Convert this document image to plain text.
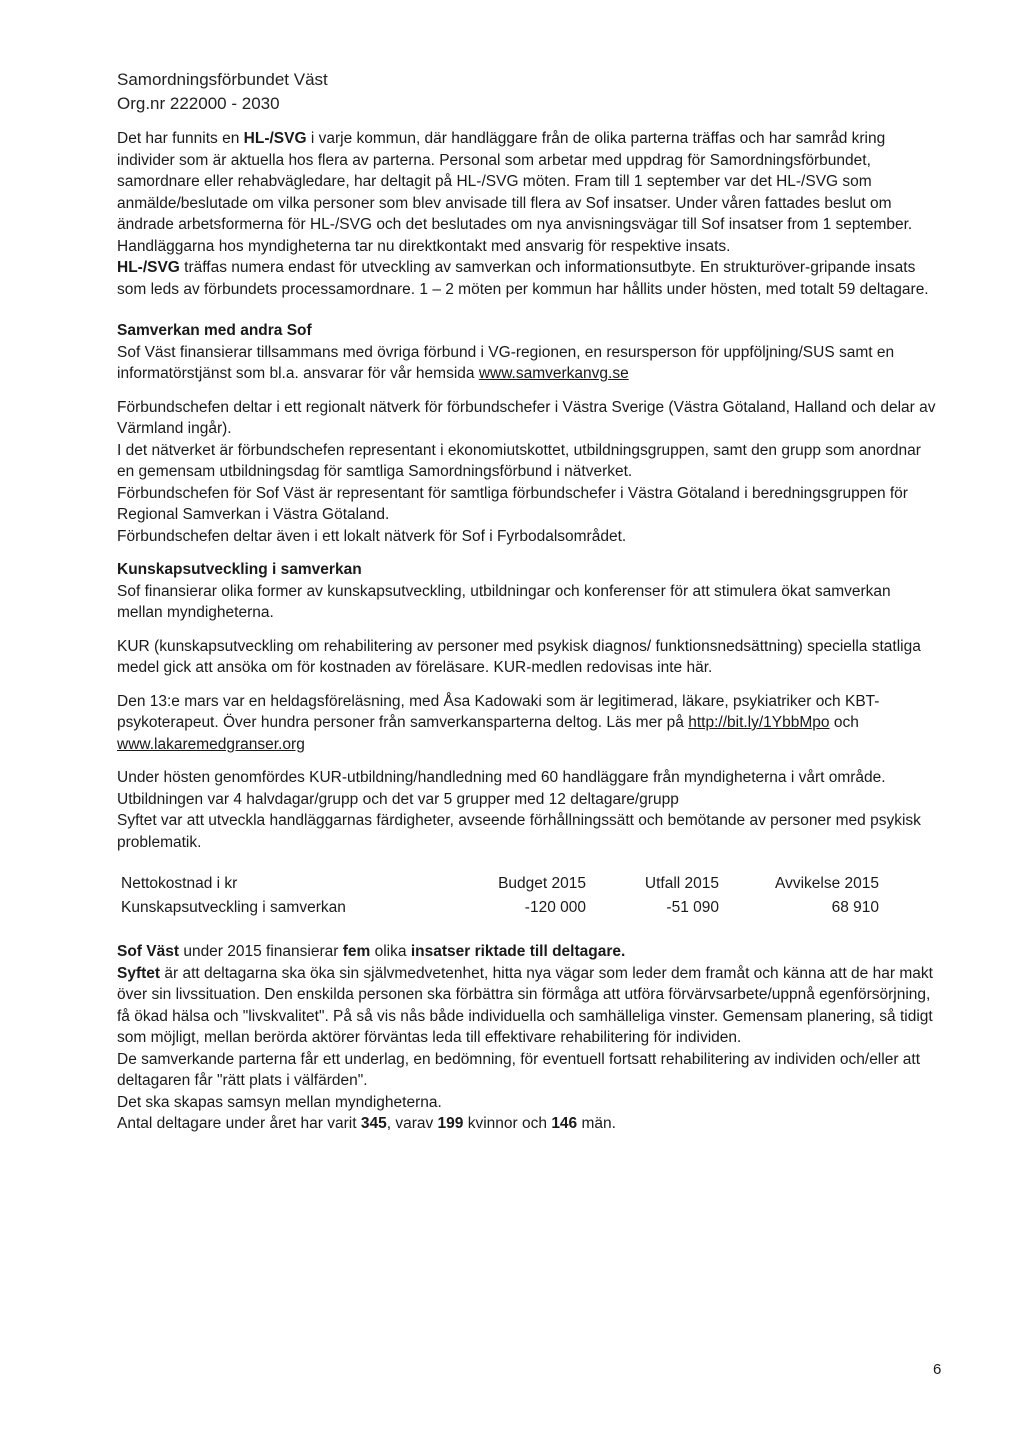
Samordningsförbundet Väst
Org.nr 222000 - 2030

Det har funnits en HL-/SVG i varje kommun, där handläggare från de olika parterna träffas och har samråd kring individer som är aktuella hos flera av parterna. Personal som arbetar med uppdrag för Samordningsförbundet, samordnare eller rehabvägledare, har deltagit på HL-/SVG möten. Fram till 1 september var det HL-/SVG som anmälde/beslutade om vilka personer som blev anvisade till flera av Sof insatser. Under våren fattades beslut om ändrade arbetsformerna för HL-/SVG och det beslutades om nya anvisningsvägar till Sof insatser from 1 september. Handläggarna hos myndigheterna tar nu direktkontakt med ansvarig för respektive insats.

HL-/SVG träffas numera endast för utveckling av samverkan och informationsutbyte. En strukturöver-gripande insats som leds av förbundets processamordnare. 1 – 2 möten per kommun har hållits under hösten, med totalt 59 deltagare.

Samverkan med andra Sof

Sof Väst finansierar tillsammans med övriga förbund i VG-regionen, en resursperson för uppföljning/SUS samt en informatörstjänst som bl.a. ansvarar för vår hemsida www.samverkanvg.se

Förbundschefen deltar i ett regionalt nätverk för förbundschefer i Västra Sverige (Västra Götaland, Halland och delar av Värmland ingår).

I det nätverket är förbundschefen representant i ekonomiutskottet, utbildningsgruppen, samt den grupp som anordnar en gemensam utbildningsdag för samtliga Samordningsförbund i nätverket.

Förbundschefen för Sof Väst är representant för samtliga förbundschefer i Västra Götaland i beredningsgruppen för Regional Samverkan i Västra Götaland.

Förbundschefen deltar även i ett lokalt nätverk för Sof i Fyrbodalsområdet.

Kunskapsutveckling i samverkan

Sof finansierar olika former av kunskapsutveckling, utbildningar och konferenser för att stimulera ökat samverkan mellan myndigheterna.

KUR (kunskapsutveckling om rehabilitering av personer med psykisk diagnos/ funktionsnedsättning) speciella statliga medel gick att ansöka om för kostnaden av föreläsare. KUR-medlen redovisas inte här.

Den 13:e mars var en heldagsföreläsning, med Åsa Kadowaki som är legitimerad, läkare, psykiatriker och KBT-psykoterapeut. Över hundra personer från samverkansparterna deltog. Läs mer på http://bit.ly/1YbbMpo och www.lakaremedgranser.org

Under hösten genomfördes KUR-utbildning/handledning med 60 handläggare från myndigheterna i vårt område. Utbildningen var 4 halvdagar/grupp och det var 5 grupper med 12 deltagare/grupp

Syftet var att utveckla handläggarnas färdigheter, avseende förhållningssätt och bemötande av personer med psykisk problematik.

Nettokostnad i kr	Budget 2015	Utfall 2015	Avvikelse 2015
Kunskapsutveckling i samverkan	-120 000	-51 090	68 910

Sof Väst under 2015 finansierar fem olika insatser riktade till deltagare.

Syftet är att deltagarna ska öka sin självmedvetenhet, hitta nya vägar som leder dem framåt och känna att de har makt över sin livssituation. Den enskilda personen ska förbättra sin förmåga att utföra förvärvsarbete/uppnå egenförsörjning, få ökad hälsa och "livskvalitet". På så vis nås både individuella och samhälleliga vinster. Gemensam planering, så tidigt som möjligt, mellan berörda aktörer förväntas leda till effektivare rehabilitering för individen.

De samverkande parterna får ett underlag, en bedömning, för eventuell fortsatt rehabilitering av individen och/eller att deltagaren får "rätt plats i välfärden".

Det ska skapas samsyn mellan myndigheterna.

Antal deltagare under året har varit 345, varav 199 kvinnor och 146 män.

6
